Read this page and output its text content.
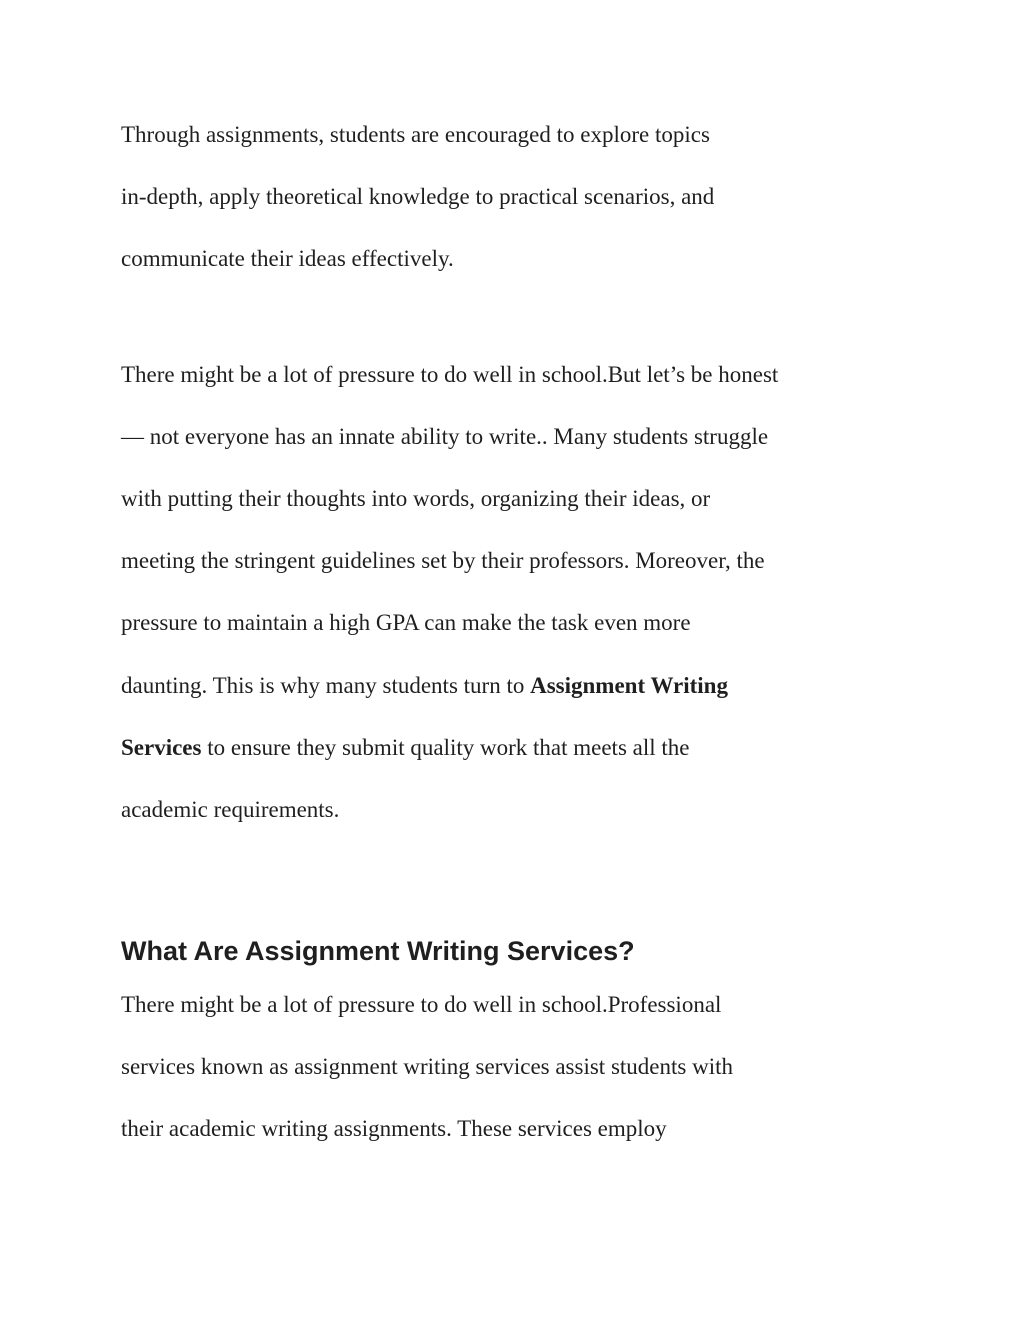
Through assignments, students are encouraged to explore topics
in-depth, apply theoretical knowledge to practical scenarios, and
communicate their ideas effectively.
There might be a lot of pressure to do well in school.But let’s be honest
— not everyone has an innate ability to write.. Many students struggle
with putting their thoughts into words, organizing their ideas, or
meeting the stringent guidelines set by their professors. Moreover, the
pressure to maintain a high GPA can make the task even more
daunting. This is why many students turn to Assignment Writing
Services to ensure they submit quality work that meets all the
academic requirements.
What Are Assignment Writing Services?
There might be a lot of pressure to do well in school.Professional
services known as assignment writing services assist students with
their academic writing assignments. These services employ
